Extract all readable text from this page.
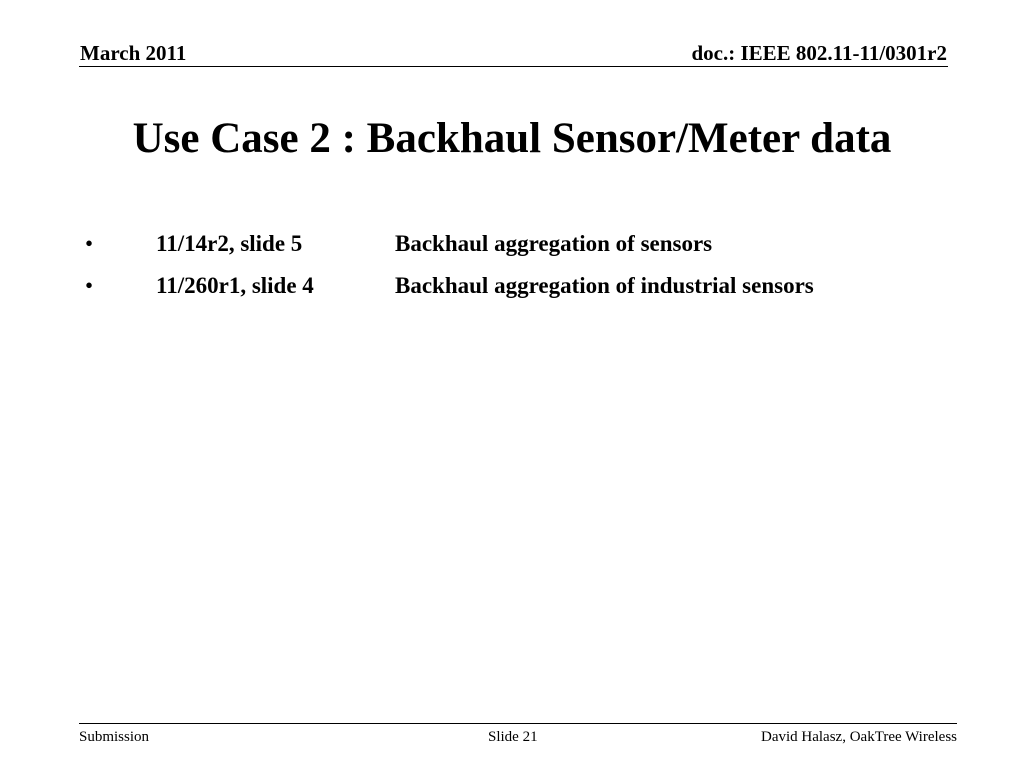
March 2011	doc.: IEEE 802.11-11/0301r2
Use Case 2 : Backhaul Sensor/Meter data
•	11/14r2, slide 5	Backhaul aggregation of sensors
•	11/260r1, slide 4	Backhaul aggregation of industrial sensors
Submission	Slide 21	David Halasz, OakTree Wireless
